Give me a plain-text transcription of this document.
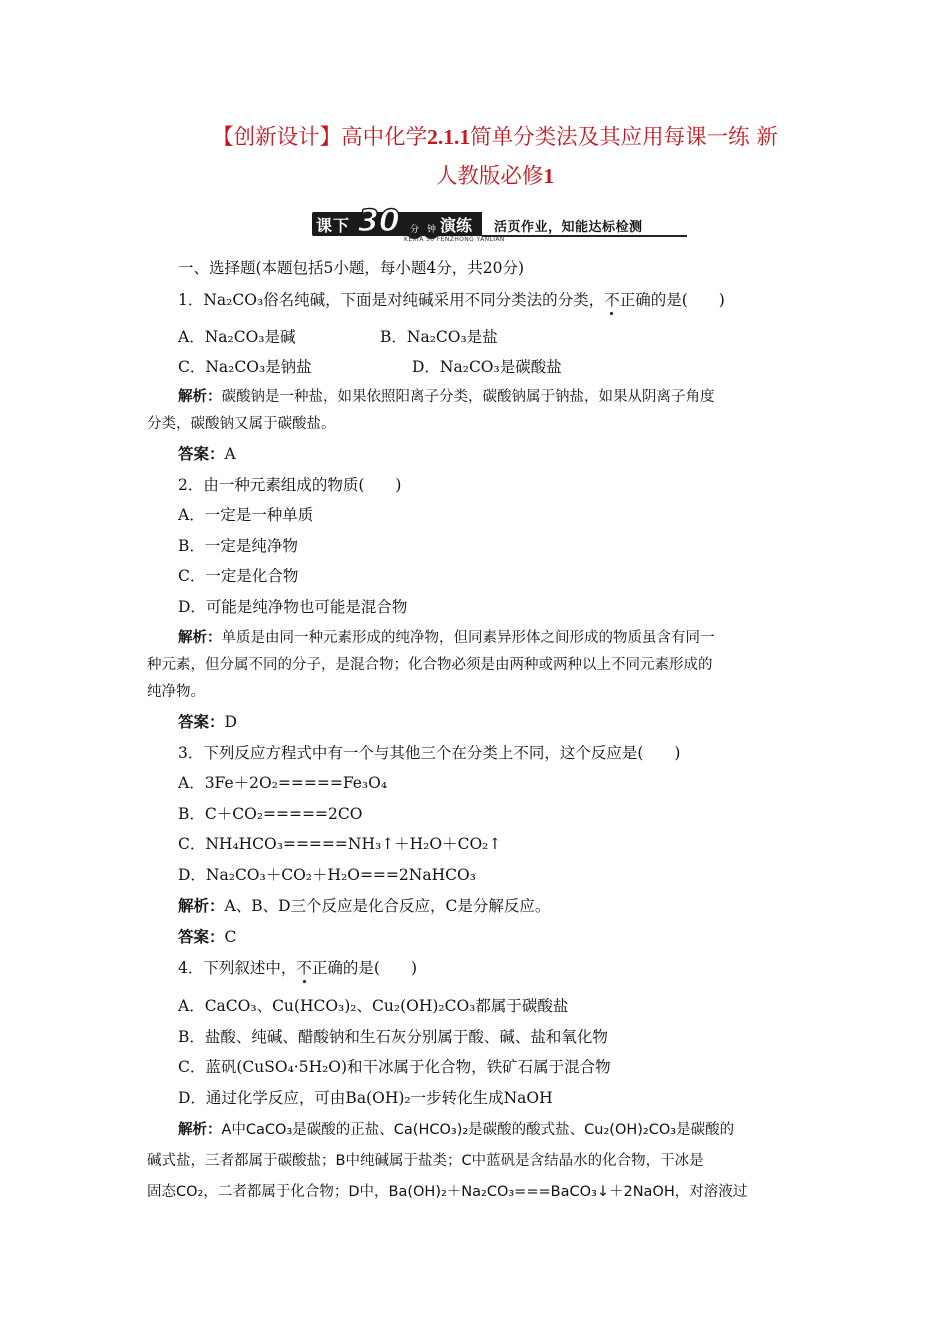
【创新设计】高中化学2.1.1简单分类法及其应用每课一练 新
人教版必修1
课下 30	分 钟 演练
KEXIA 30 FENZHONG YANLIAN
活页作业，知能达标检测
一、选择题(本题包括5小题，每小题4分，共20分)
1．Na₂CO₃俗名纯碱，下面是对纯碱采用不同分类法的分类，不正确的是(　　)
A．Na₂CO₃是碱	B．Na₂CO₃是盐
C．Na₂CO₃是钠盐	D．Na₂CO₃是碳酸盐
解析：碳酸钠是一种盐，如果依照阳离子分类，碳酸钠属于钠盐，如果从阴离子角度
分类，碳酸钠又属于碳酸盐。
答案：A
2．由一种元素组成的物质(　　)
A．一定是一种单质
B．一定是纯净物
C．一定是化合物
D．可能是纯净物也可能是混合物
解析：单质是由同一种元素形成的纯净物，但同素异形体之间形成的物质虽含有同一
种元素，但分属不同的分子，是混合物；化合物必须是由两种或两种以上不同元素形成的
纯净物。
答案：D
3．下列反应方程式中有一个与其他三个在分类上不同，这个反应是(　　)
A．3Fe＋2O₂=====Fe₃O₄
B．C＋CO₂=====2CO
C．NH₄HCO₃=====NH₃↑＋H₂O＋CO₂↑
D．Na₂CO₃＋CO₂＋H₂O===2NaHCO₃
解析：A、B、D三个反应是化合反应，C是分解反应。
答案：C
4．下列叙述中，不正确的是(　　)
A．CaCO₃、Cu(HCO₃)₂、Cu₂(OH)₂CO₃都属于碳酸盐
B．盐酸、纯碱、醋酸钠和生石灰分别属于酸、碱、盐和氧化物
C．蓝矾(CuSO₄·5H₂O)和干冰属于化合物，铁矿石属于混合物
D．通过化学反应，可由Ba(OH)₂一步转化生成NaOH
解析：A中CaCO₃是碳酸的正盐、Ca(HCO₃)₂是碳酸的酸式盐、Cu₂(OH)₂CO₃是碳酸的
碱式盐，三者都属于碳酸盐；B中纯碱属于盐类；C中蓝矾是含结晶水的化合物，干冰是
固态CO₂，二者都属于化合物；D中，Ba(OH)₂＋Na₂CO₃===BaCO₃↓＋2NaOH，对溶液过
